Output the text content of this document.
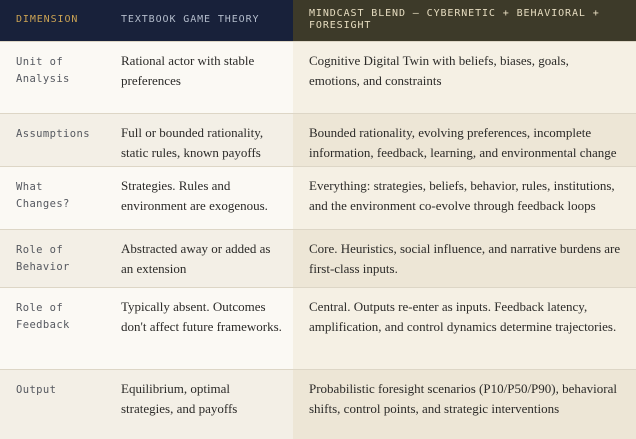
DIMENSION	TEXTBOOK GAME THEORY	MINDCAST BLEND — CYBERNETIC + BEHAVIORAL + FORESIGHT
Unit of Analysis	Rational actor with stable preferences	Cognitive Digital Twin with beliefs, biases, goals, emotions, and constraints
Assumptions	Full or bounded rationality, static rules, known payoffs	Bounded rationality, evolving preferences, incomplete information, feedback, learning, and environmental change
What Changes?	Strategies. Rules and environment are exogenous.	Everything: strategies, beliefs, behavior, rules, institutions, and the environment co-evolve through feedback loops
Role of Behavior	Abstracted away or added as an extension	Core. Heuristics, social influence, and narrative burdens are first-class inputs.
Role of Feedback	Typically absent. Outcomes don't affect future frameworks.	Central. Outputs re-enter as inputs. Feedback latency, amplification, and control dynamics determine trajectories.
Output	Equilibrium, optimal strategies, and payoffs	Probabilistic foresight scenarios (P10/P50/P90), behavioral shifts, control points, and strategic interventions
